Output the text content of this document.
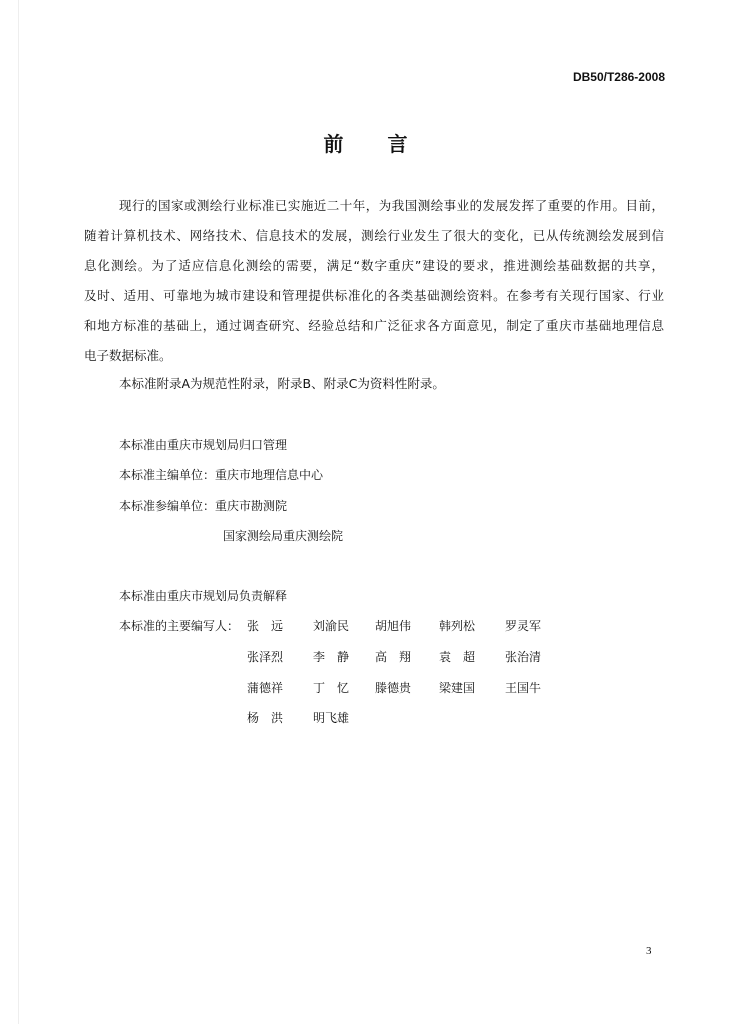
DB50/T286-2008
前 言
现行的国家或测绘行业标准已实施近二十年，为我国测绘事业的发展发挥了重要的作用。目前，
随着计算机技术、网络技术、信息技术的发展，测绘行业发生了很大的变化，已从传统测绘发展到信
息化测绘。为了适应信息化测绘的需要，满足“数字重庆”建设的要求，推进测绘基础数据的共享，
及时、适用、可靠地为城市建设和管理提供标准化的各类基础测绘资料。在参考有关现行国家、行业
和地方标准的基础上，通过调查研究、经验总结和广泛征求各方面意见，制定了重庆市基础地理信息
电子数据标准。
本标准附录A为规范性附录，附录B、附录C为资料性附录。
本标准由重庆市规划局归口管理
本标准主编单位：重庆市地理信息中心
本标准参编单位：重庆市勘测院
国家测绘局重庆测绘院
本标准由重庆市规划局负责解释
本标准的主要编写人： 张　远 刘渝民 胡旭伟 韩列松 罗灵军
张泽烈 李　静 高　翔 袁　超 张治清
蒲德祥 丁　忆 滕德贵 梁建国 王国牛
杨　洪 明飞雄
3
